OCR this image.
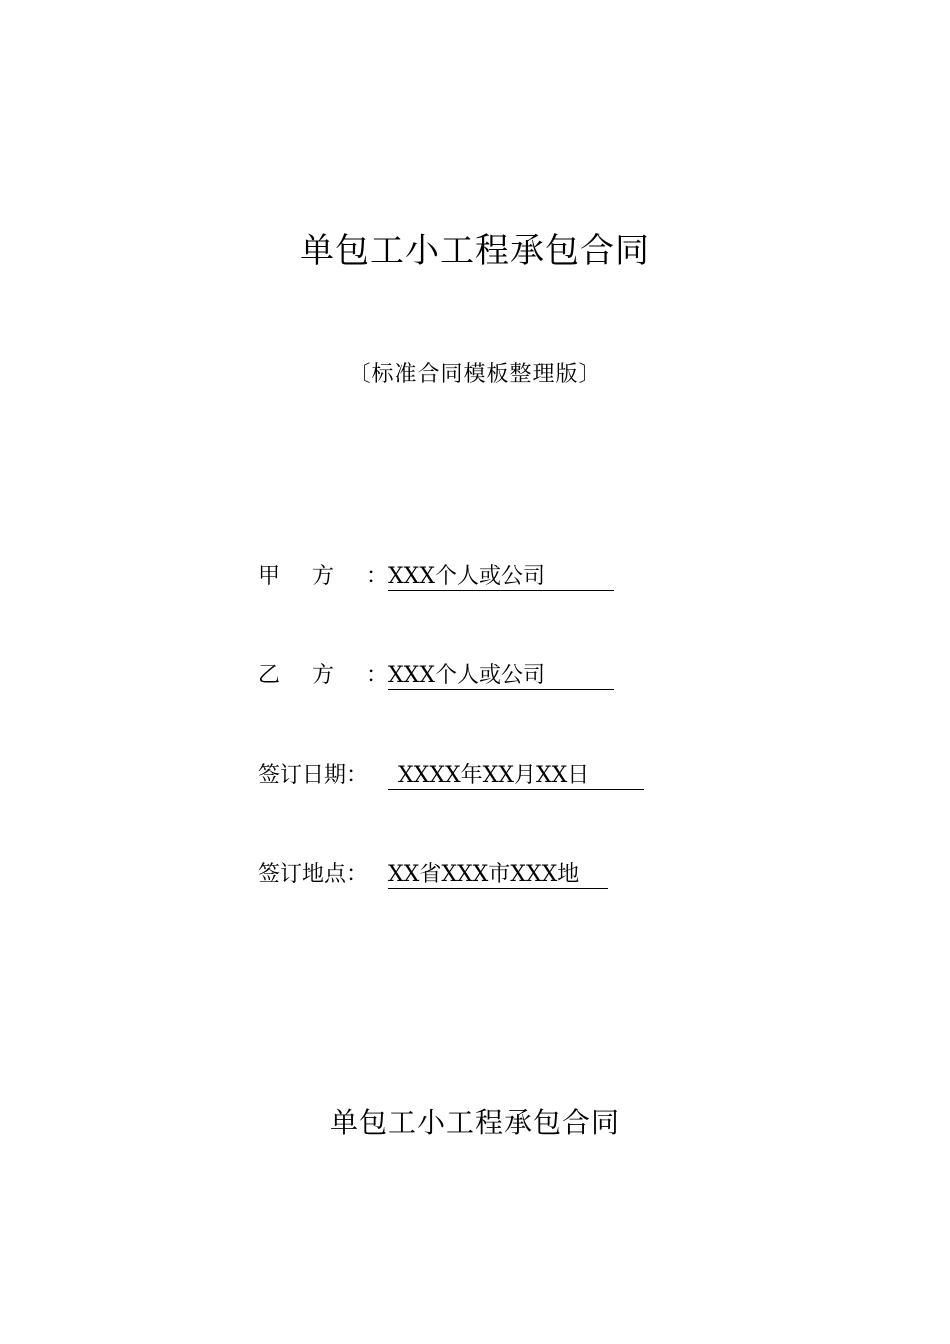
单包工小工程承包合同
〔标准合同模板整理版〕
甲方：XXX个人或公司
乙方：XXX个人或公司
签订日期： XXXX年XX月XX日
签订地点： XX省XXX市XXX地
单包工小工程承包合同
